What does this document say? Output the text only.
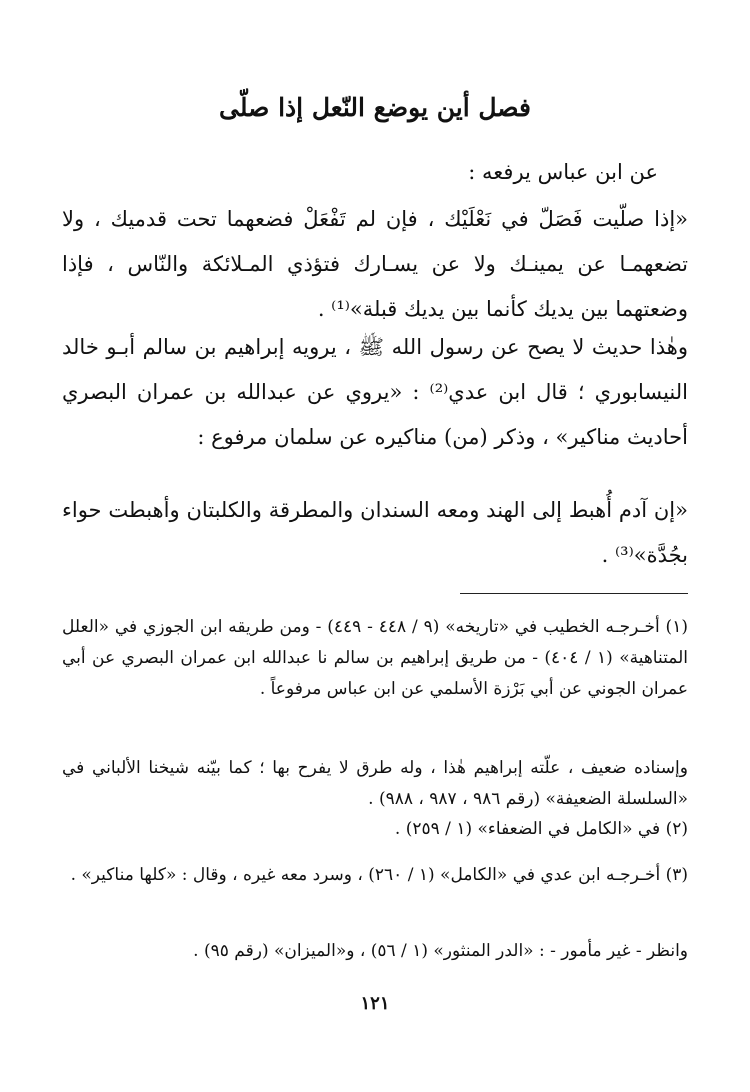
فصل أين يوضع النّعل إذا صلّى
عن ابن عباس يرفعه :
«إذا صلّيت فَصَلّ في نَعْلَيْك ، فإن لم تَفْعَلْ فضعهما تحت قدميك ، ولا تضعهمـا عن يمينـك ولا عن يسـارك فتؤذي المـلائكة والنّاس ، فإذا وضعتهما بين يديك كأنما بين يديك قبلة»⁽¹⁾ .
وهٰذا حديث لا يصح عن رسول الله ﷺ ، يرويه إبراهيم بن سالم أبـو خالد النيسابوري ؛ قال ابن عدي⁽²⁾ : «يروي عن عبدالله بن عمران البصري أحاديث مناكير» ، وذكر (من) مناكيره عن سلمان مرفوع :
«إن آدم أُهبط إلى الهند ومعه السندان والمطرقة والكلبتان وأهبطت حواء بجُدَّة»⁽³⁾ .
(١) أخـرجـه الخطيب في «تاريخه» (٩ / ٤٤٨ - ٤٤٩) - ومن طريقه ابن الجوزي في «العلل المتناهية» (١ / ٤٠٤) - من طريق إبراهيم بن سالم نا عبدالله ابن عمران البصري عن أبي عمران الجوني عن أبي بَرْزة الأسلمي عن ابن عباس مرفوعاً .
وإسناده ضعيف ، علّته إبراهيم هٰذا ، وله طرق لا يفرح بها ؛ كما بيّنه شيخنا الألباني في «السلسلة الضعيفة» (رقم ٩٨٦ ، ٩٨٧ ، ٩٨٨) .
(٢) في «الكامل في الضعفاء» (١ / ٢٥٩) .
(٣) أخـرجـه ابن عدي في «الكامل» (١ / ٢٦٠) ، وسرد معه غيره ، وقال : «كلها مناكير» .
وانظر - غير مأمور - : «الدر المنثور» (١ / ٥٦) ، و«الميزان» (رقم ٩٥) .
١٢١
